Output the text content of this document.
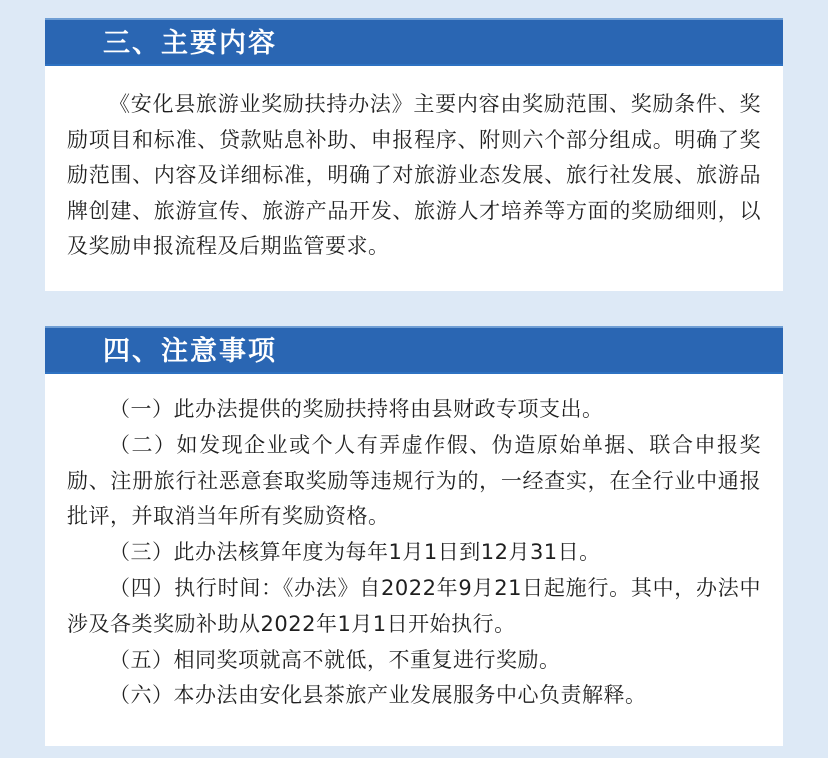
三、主要内容
《安化县旅游业奖励扶持办法》主要内容由奖励范围、奖励条件、奖励项目和标准、贷款贴息补助、申报程序、附则六个部分组成。明确了奖励范围、内容及详细标准，明确了对旅游业态发展、旅行社发展、旅游品牌创建、旅游宣传、旅游产品开发、旅游人才培养等方面的奖励细则，以及奖励申报流程及后期监管要求。
四、注意事项

（一）此办法提供的奖励扶持将由县财政专项支出。

（二）如发现企业或个人有弄虚作假、伪造原始单据、联合申报奖励、注册旅行社恶意套取奖励等违规行为的，一经查实，在全行业中通报批评，并取消当年所有奖励资格。

（三）此办法核算年度为每年1月1日到12月31日。

（四）执行时间：《办法》自2022年9月21日起施行。其中，办法中涉及各类奖励补助从2022年1月1日开始执行。

（五）相同奖项就高不就低，不重复进行奖励。

（六）本办法由安化县茶旅产业发展服务中心负责解释。
